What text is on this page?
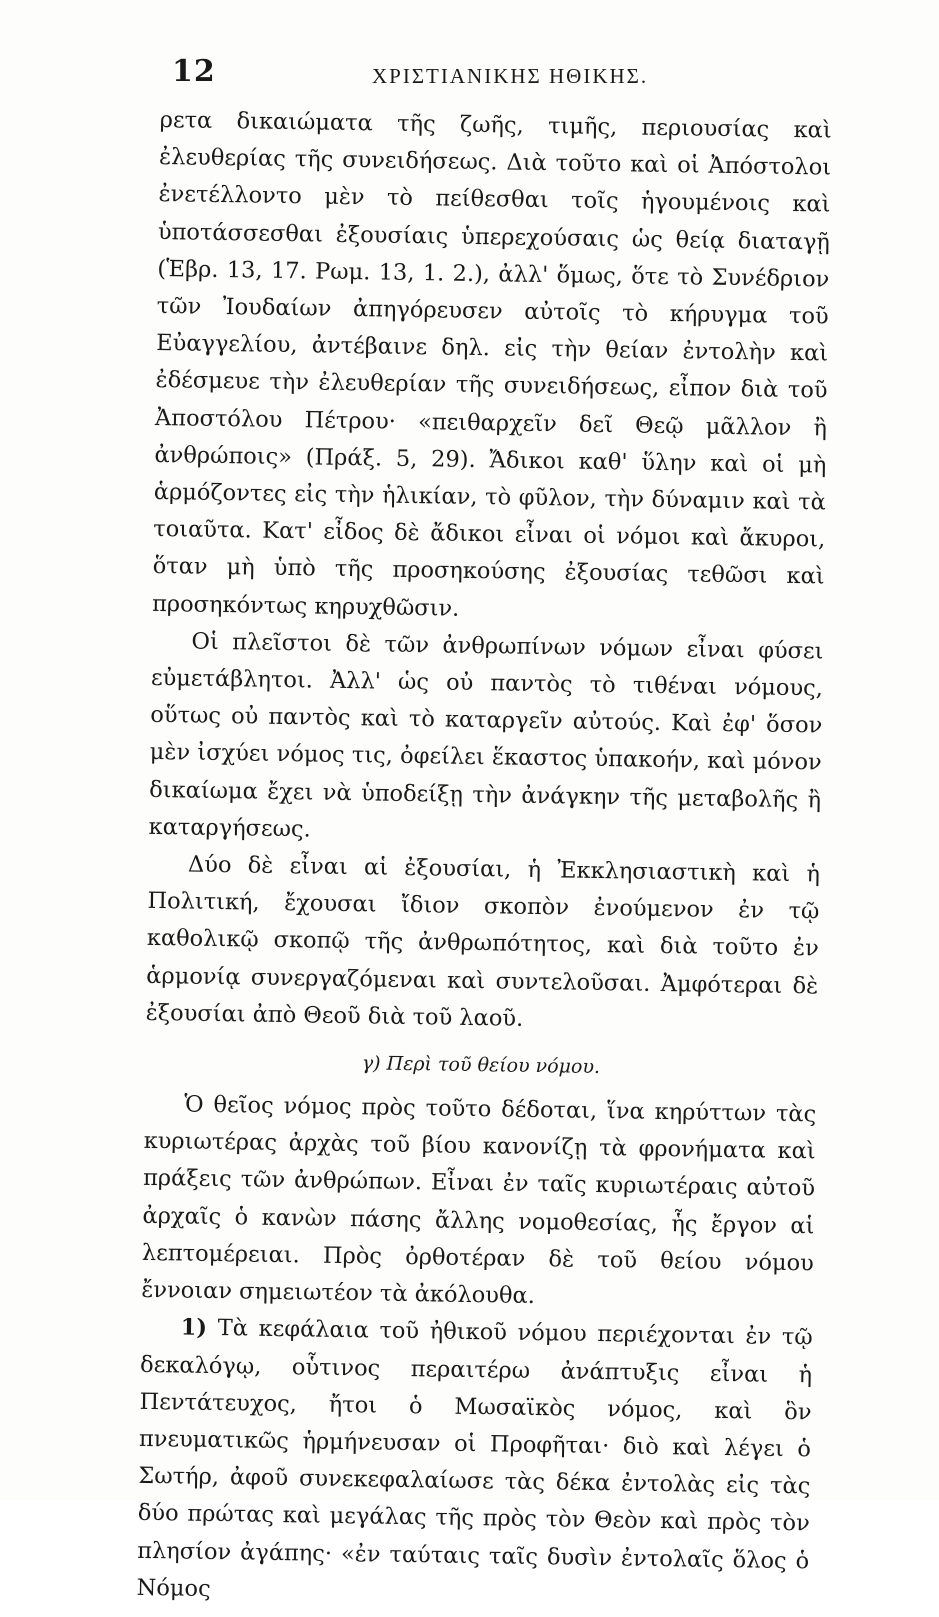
12	ΧΡΙΣΤΙΑΝΙΚΗΣ ΗΘΙΚΗΣ.

ρετα δικαιώματα τῆς ζωῆς, τιμῆς, περιουσίας καὶ ἐλευθερίας τῆς συνειδήσεως. Διὰ τοῦτο καὶ οἱ Ἀπόστολοι ἐνετέλλοντο μὲν τὸ πείθεσθαι τοῖς ἡγουμένοις καὶ ὑποτάσσεσθαι ἐξουσίαις ὑπερεχούσαις ὡς θείᾳ διαταγῇ (Ἑβρ. 13, 17. Ρωμ. 13, 1. 2.), ἀλλ' ὅμως, ὅτε τὸ Συνέδριον τῶν Ἰουδαίων ἀπηγόρευσεν αὐτοῖς τὸ κήρυγμα τοῦ Εὐαγγελίου, ἀντέβαινε δηλ. εἰς τὴν θείαν ἐντολὴν καὶ ἐδέσμευε τὴν ἐλευθερίαν τῆς συνειδήσεως, εἶπον διὰ τοῦ Ἀποστόλου Πέτρου· «πειθαρχεῖν δεῖ Θεῷ μᾶλλον ἢ ἀνθρώποις» (Πράξ. 5, 29). Ἄδικοι καθ' ὕλην καὶ οἱ μὴ ἁρμόζοντες εἰς τὴν ἡλικίαν, τὸ φῦλον, τὴν δύναμιν καὶ τὰ τοιαῦτα. Κατ' εἶδος δὲ ἄδικοι εἶναι οἱ νόμοι καὶ ἄκυροι, ὅταν μὴ ὑπὸ τῆς προσηκούσης ἐξουσίας τεθῶσι καὶ προσηκόντως κηρυχθῶσιν.

Οἱ πλεῖστοι δὲ τῶν ἀνθρωπίνων νόμων εἶναι φύσει εὐμετάβλητοι. Ἀλλ' ὡς οὐ παντὸς τὸ τιθέναι νόμους, οὕτως οὐ παντὸς καὶ τὸ καταργεῖν αὐτούς. Καὶ ἐφ' ὅσον μὲν ἰσχύει νόμος τις, ὀφείλει ἕκαστος ὑπακοήν, καὶ μόνον δικαίωμα ἔχει νὰ ὑποδείξῃ τὴν ἀνάγκην τῆς μεταβολῆς ἢ καταργήσεως.

Δύο δὲ εἶναι αἱ ἐξουσίαι, ἡ Ἐκκλησιαστικὴ καὶ ἡ Πολιτική, ἔχουσαι ἴδιον σκοπὸν ἐνούμενον ἐν τῷ καθολικῷ σκοπῷ τῆς ἀνθρωπότητος, καὶ διὰ τοῦτο ἐν ἁρμονίᾳ συνεργαζόμεναι καὶ συντελοῦσαι. Ἀμφότεραι δὲ ἐξουσίαι ἀπὸ Θεοῦ διὰ τοῦ λαοῦ.

γ) Περὶ τοῦ θείου νόμου.

Ὁ θεῖος νόμος πρὸς τοῦτο δέδοται, ἵνα κηρύττων τὰς κυριωτέρας ἀρχὰς τοῦ βίου κανονίζῃ τὰ φρονήματα καὶ πράξεις τῶν ἀνθρώπων. Εἶναι ἐν ταῖς κυριωτέραις αὐτοῦ ἀρχαῖς ὁ κανὼν πάσης ἄλλης νομοθεσίας, ἧς ἔργον αἱ λεπτομέρειαι. Πρὸς ὀρθοτέραν δὲ τοῦ θείου νόμου ἔννοιαν σημειωτέον τὰ ἀκόλουθα.

1) Τὰ κεφάλαια τοῦ ἠθικοῦ νόμου περιέχονται ἐν τῷ δεκαλόγῳ, οὗτινος περαιτέρω ἀνάπτυξις εἶναι ἡ Πεντάτευχος, ἤτοι ὁ Μωσαϊκὸς νόμος, καὶ ὃν πνευματικῶς ἡρμήνευσαν οἱ Προφῆται· διὸ καὶ λέγει ὁ Σωτήρ, ἀφοῦ συνεκεφαλαίωσε τὰς δέκα ἐντολὰς εἰς τὰς δύο πρώτας καὶ μεγάλας τῆς πρὸς τὸν Θεὸν καὶ πρὸς τὸν πλησίον ἀγάπης· «ἐν ταύταις ταῖς δυσὶν ἐντολαῖς ὅλος ὁ Νόμος
